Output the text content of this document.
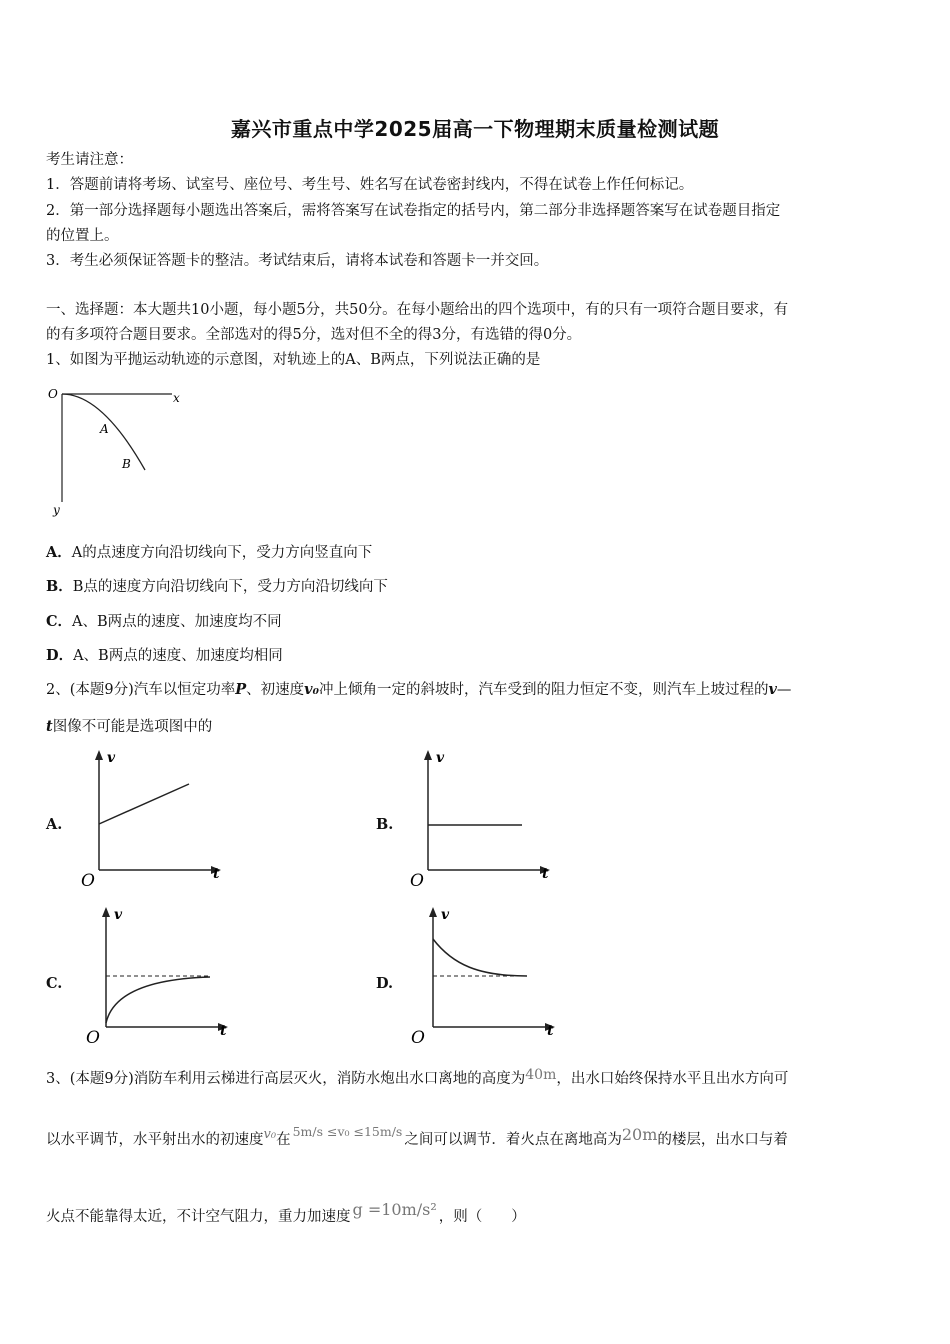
嘉兴市重点中学2025届高一下物理期末质量检测试题
考生请注意：
1．答题前请将考场、试室号、座位号、考生号、姓名写在试卷密封线内，不得在试卷上作任何标记。
2．第一部分选择题每小题选出答案后，需将答案写在试卷指定的括号内，第二部分非选择题答案写在试卷题目指定
的位置上。
3．考生必须保证答题卡的整洁。考试结束后，请将本试卷和答题卡一并交回。
一、选择题：本大题共10小题，每小题5分，共50分。在每小题给出的四个选项中，有的只有一项符合题目要求，有
的有多项符合题目要求。全部选对的得5分，选对但不全的得3分，有选错的得0分。
1、如图为平抛运动轨迹的示意图，对轨迹上的A、B两点，下列说法正确的是
O	x
y
A
B
A．A的点速度方向沿切线向下，受力方向竖直向下
B．B点的速度方向沿切线向下，受力方向沿切线向下
C．A、B两点的速度、加速度均不同
D．A、B两点的速度、加速度均相同
2、(本题9分)汽车以恒定功率P、初速度v₀冲上倾角一定的斜坡时，汽车受到的阻力恒定不变，则汽车上坡过程的v—
t图像不可能是选项图中的
A.
v
t
O
B.
v
t
O
C.
v
t
O
D.
v
t
O
3、(本题9分)消防车利用云梯进行高层灭火，消防水炮出水口离地的高度为40m，出水口始终保持水平且出水方向可
以水平调节，水平射出水的初速度v₀在5m/s ≤v₀ ≤15m/s之间可以调节．着火点在离地高为20m的楼层，出水口与着
火点不能靠得太近，不计空气阻力，重力加速度 g =10m/s² ，则（　　）
